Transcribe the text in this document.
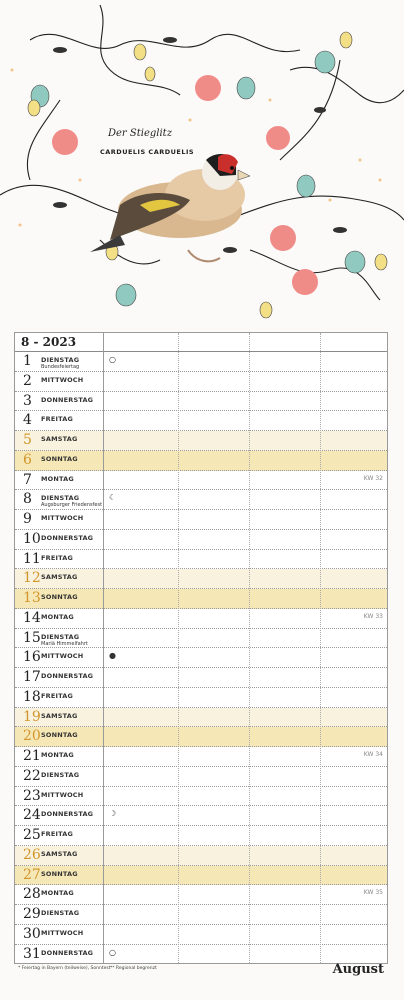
Der Stieglitz
CARDUELIS CARDUELIS
8 - 2023
1 DIENSTAG
Bundesfeiertag
○
2 MITTWOCH
3 DONNERSTAG
4 FREITAG
5 SAMSTAG
6 SONNTAG
7 MONTAG	KW 32
8 DIENSTAG
Augsburger Friedensfest
☾
9 MITTWOCH
10 DONNERSTAG
11 FREITAG
12 SAMSTAG
13 SONNTAG
14 MONTAG	KW 33
15 DIENSTAG
Mariä Himmelfahrt
16 MITTWOCH	●
17 DONNERSTAG
18 FREITAG
19 SAMSTAG
20 SONNTAG
21 MONTAG	KW 34
22 DIENSTAG
23 MITTWOCH
24 DONNERSTAG ☽
25 FREITAG
26 SAMSTAG
27 SONNTAG
28 MONTAG	KW 35
29 DIENSTAG
30 MITTWOCH
31 DONNERSTAG ○
* Feiertag in Bayern (teilweise), Sonntest ** Regional begrenzt	August
